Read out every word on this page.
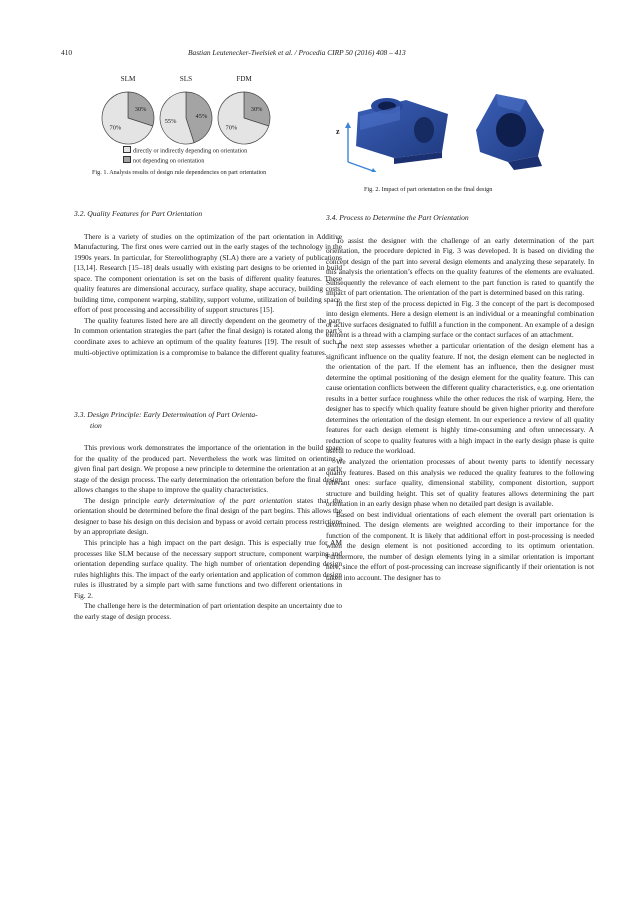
410	Bastian Leutenecker-Twelsiek et al. / Procedia CIRP 50 (2016) 408 – 413
SLM
30%
70%
SLS
45%
55%
FDM
30%
70%
directly or indirectly depending on orientation
not depending on orientation
Fig. 1. Analysis results of design rule dependencies on part orientation
z
Fig. 2. Impact of part orientation on the final design
3.2. Quality Features for Part Orientation

There is a variety of studies on the optimization of the part orientation in Additive Manufacturing. The first ones were carried out in the early stages of the technology in the 1990s years. In particular, for Stereolithography (SLA) there are a variety of publications [13,14]. Research [15–18] deals usually with existing part designs to be oriented in build space. The component orientation is set on the basis of different quality features. These quality features are dimensional accuracy, surface quality, shape accuracy, building costs, building time, component warping, stability, support volume, utilization of building space, effort of post processing and accessibility of support structures [15].

The quality features listed here are all directly dependent on the geometry of the part. In common orientation strategies the part (after the final design) is rotated along the part’s coordinate axes to achieve an optimum of the quality features [19]. The result of such a multi-objective optimization is a compromise to balance the different quality features.

3.3. Design Principle: Early Determination of Part Orienta-
tion

This previous work demonstrates the importance of the orientation in the build space for the quality of the produced part. Nevertheless the work was limited on orienting a given final part design. We propose a new principle to determine the orientation at an early stage of the design process. The early determination the orientation before the final design allows changes to the shape to improve the quality characteristics.

The design principle early determination of the part orientation states that the orientation should be determined before the final design of the part begins. This allows the designer to base his design on this decision and bypass or avoid certain process restrictions by an appropriate design.

This principle has a high impact on the part design. This is especially true for AM processes like SLM because of the necessary support structure, component warping and orientation depending surface quality. The high number of orientation depending design rules highlights this. The impact of the early orientation and application of common design rules is illustrated by a simple part with same functions and two different orientations in Fig. 2.

The challenge here is the determination of part orientation despite an uncertainty due to the early stage of design process.

3.4. Process to Determine the Part Orientation

To assist the designer with the challenge of an early determination of the part orientation, the procedure depicted in Fig. 3 was developed. It is based on dividing the concept design of the part into several design elements and analyzing these separately. In this analysis the orientation’s effects on the quality features of the elements are evaluated. Subsequently the relevance of each element to the part function is rated to quantify the impact of part orientation. The orientation of the part is determined based on this rating.

In the first step of the process depicted in Fig. 3 the concept of the part is decomposed into design elements. Here a design element is an individual or a meaningful combination of active surfaces designated to fulfill a function in the component. An example of a design element is a thread with a clamping surface or the contact surfaces of an attachment.

The next step assesses whether a particular orientation of the design element has a significant influence on the quality feature. If not, the design element can be neglected in the orientation of the part. If the element has an influence, then the designer must determine the optimal positioning of the design element for the quality feature. This can cause orientation conflicts between the different quality characteristics, e.g. one orientation results in a better surface roughness while the other reduces the risk of warping. Here, the designer has to specify which quality feature should be given higher priority and therefore determines the orientation of the design element. In our experience a review of all quality features for each design element is highly time-consuming and often unnecessary. A reduction of scope to quality features with a high impact in the early design phase is quite useful to reduce the workload.

We analyzed the orientation processes of about twenty parts to identify necessary quality features. Based on this analysis we reduced the quality features to the following relevant ones: surface quality, dimensional stability, component distortion, support structure and building height. This set of quality features allows determining the part orientation in an early design phase when no detailed part design is available.

Based on best individual orientations of each element the overall part orientation is determined. The design elements are weighted according to their importance for the function of the component. It is likely that additional effort in post-processing is needed when the design element is not positioned according to its optimum orientation. Furthermore, the number of design elements lying in a similar orientation is important here, since the effort of post-processing can increase significantly if their orientation is not taken into account. The designer has to
